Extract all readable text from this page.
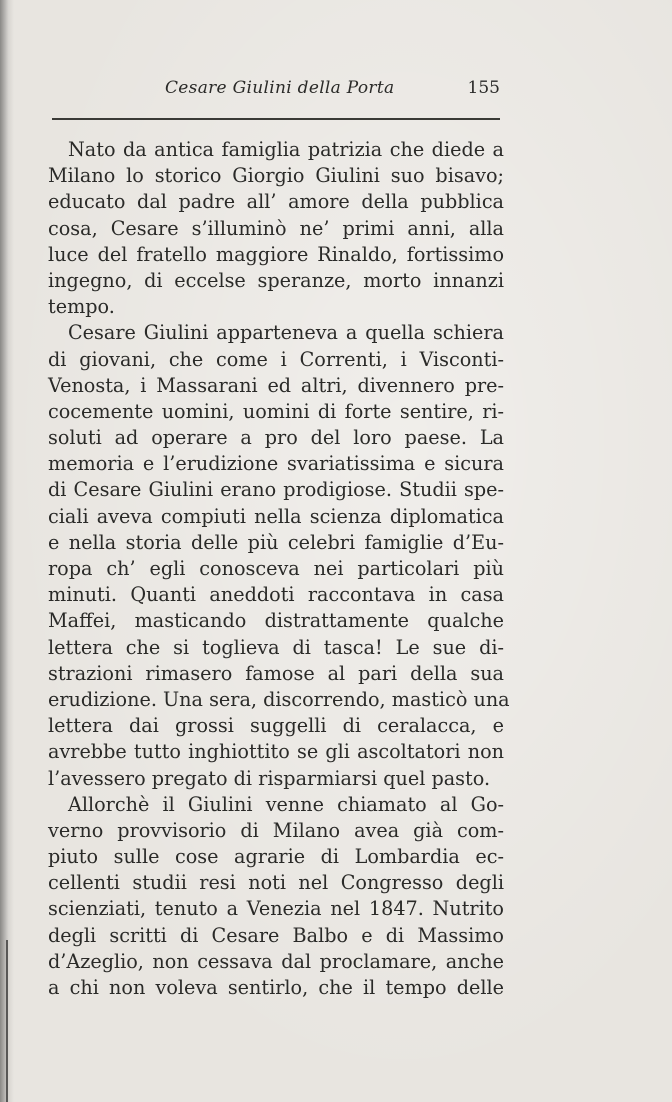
Cesare Giulini della Porta	155
Nato da antica famiglia patrizia che diede a
Milano lo storico Giorgio Giulini suo bisavo;
educato dal padre all’ amore della pubblica
cosa, Cesare s’illuminò ne’ primi anni, alla
luce del fratello maggiore Rinaldo, fortissimo
ingegno, di eccelse speranze, morto innanzi
tempo.
Cesare Giulini apparteneva a quella schiera
di giovani, che come i Correnti, i Visconti-
Venosta, i Massarani ed altri, divennero pre-
cocemente uomini, uomini di forte sentire, ri-
soluti ad operare a pro del loro paese. La
memoria e l’erudizione svariatissima e sicura
di Cesare Giulini erano prodigiose. Studii spe-
ciali aveva compiuti nella scienza diplomatica
e nella storia delle più celebri famiglie d’Eu-
ropa ch’ egli conosceva nei particolari più
minuti. Quanti aneddoti raccontava in casa
Maffei, masticando distrattamente qualche
lettera che si toglieva di tasca! Le sue di-
strazioni rimasero famose al pari della sua
erudizione. Una sera, discorrendo, masticò una
lettera dai grossi suggelli di ceralacca, e
avrebbe tutto inghiottito se gli ascoltatori non
l’avessero pregato di risparmiarsi quel pasto.
Allorchè il Giulini venne chiamato al Go-
verno provvisorio di Milano avea già com-
piuto sulle cose agrarie di Lombardia ec-
cellenti studii resi noti nel Congresso degli
scienziati, tenuto a Venezia nel 1847. Nutrito
degli scritti di Cesare Balbo e di Massimo
d’Azeglio, non cessava dal proclamare, anche
a chi non voleva sentirlo, che il tempo delle
